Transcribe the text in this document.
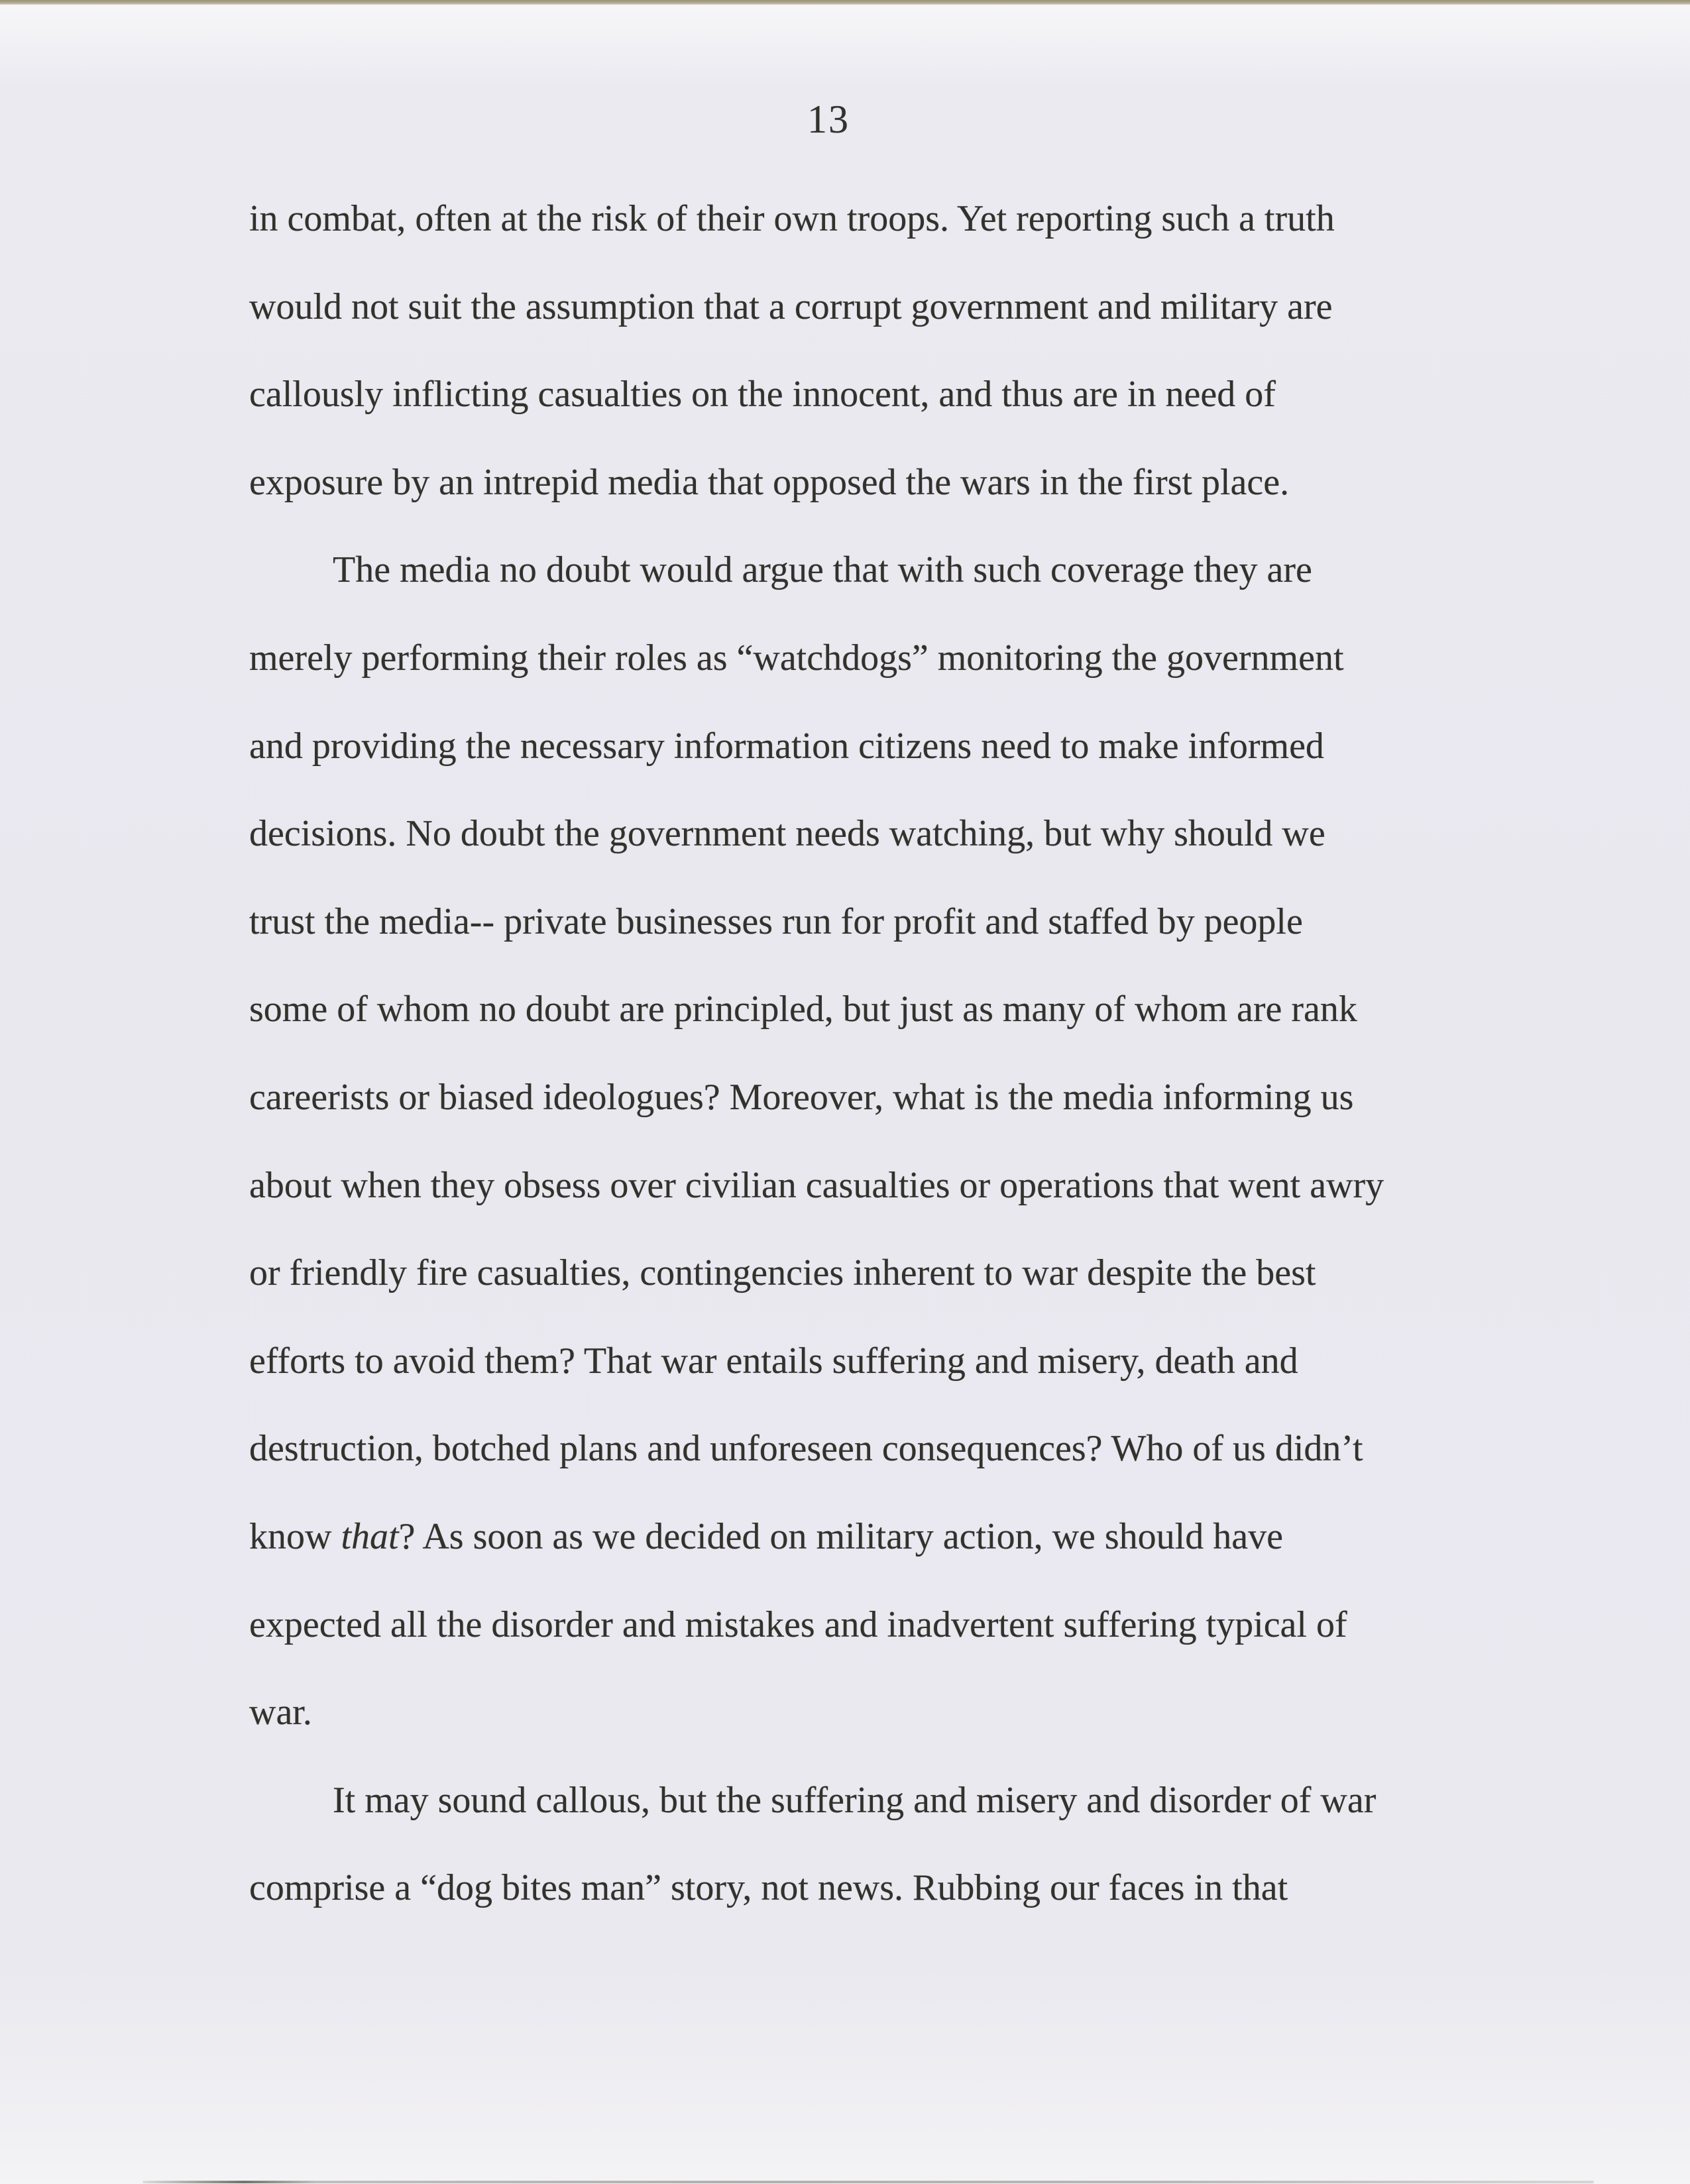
13
in combat, often at the risk of their own troops. Yet reporting such a truth
would not suit the assumption that a corrupt government and military are
callously inflicting casualties on the innocent, and thus are in need of
exposure by an intrepid media that opposed the wars in the first place.
The media no doubt would argue that with such coverage they are
merely performing their roles as “watchdogs” monitoring the government
and providing the necessary information citizens need to make informed
decisions. No doubt the government needs watching, but why should we
trust the media-- private businesses run for profit and staffed by people
some of whom no doubt are principled, but just as many of whom are rank
careerists or biased ideologues? Moreover, what is the media informing us
about when they obsess over civilian casualties or operations that went awry
or friendly fire casualties, contingencies inherent to war despite the best
efforts to avoid them? That war entails suffering and misery, death and
destruction, botched plans and unforeseen consequences? Who of us didn’t
know that? As soon as we decided on military action, we should have
expected all the disorder and mistakes and inadvertent suffering typical of
war.
It may sound callous, but the suffering and misery and disorder of war
comprise a “dog bites man” story, not news. Rubbing our faces in that
